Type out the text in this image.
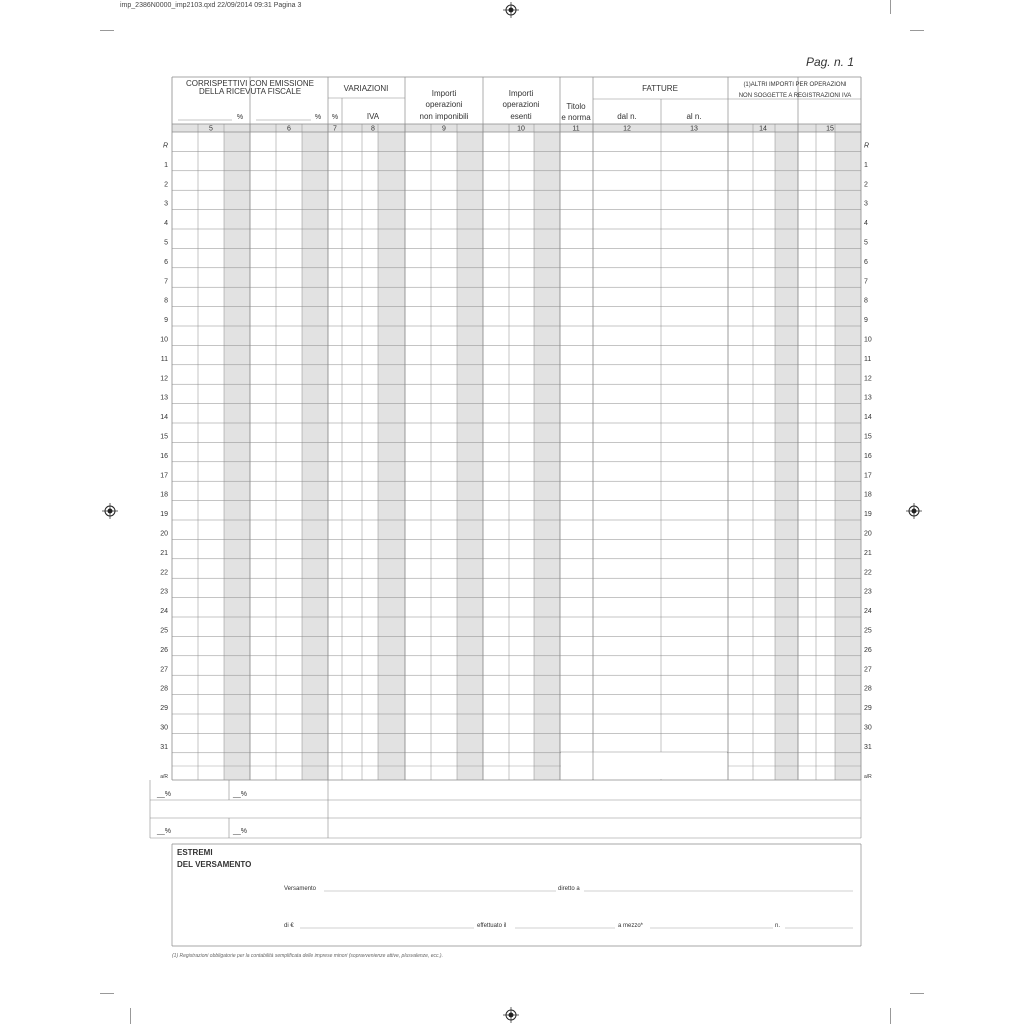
imp_2386N0000_imp2103.qxd 22/09/2014 09:31 Pagina 3
Pag. n. 1
CORRISPETTIVI CON EMISSIONE
DELLA RICEVUTA FISCALE
%	%
VARIAZIONI
%	IVA
Importi
operazioni
non imponibili
Importi
operazioni
esenti
Titolo
e norma
FATTURE
dal n.	al n.
(1)ALTRI IMPORTI PER OPERAZIONI
NON SOGGETTE A REGISTRAZIONI IVA
5	6	7	8	9	10	11	12	13	14	15
R	R
1	1
2	2
3	3
4	4
5	5
6	6
7	7
8	8
9	9
10	10
11	11
12	12
13	13
14	14
15	15
16	16
17	17
18	18
19	19
20	20
21	21
22	22
23	23
24	24
25	25
26	26
27	27
28	28
29	29
30	30
31	31
a/R	a/R
__%	__%
__%	__%
ESTREMI
DEL VERSAMENTO
Versamento	diretto a
di €	effettuato il	a mezzo*	n.
(1) Registrazioni obbligatorie per la contabilità semplificata delle imprese minori (sopravvenienze attive, plusvalenze, ecc.).
